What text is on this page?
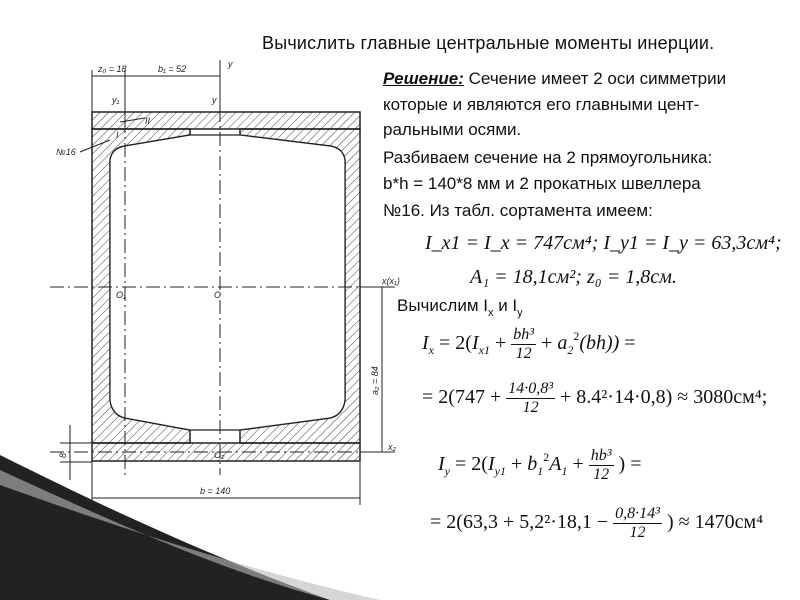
Вычислить главные центральные моменты инерции.
z₀ = 18	b₁ = 52	y
y₁	y
№16
I
II
x(x₁)
O₁	O
x₂
O₂
b = 140
a₂ = 84
8
Решение: Сечение имеет 2 оси симметрии
которые и являются его главными цент-
ральными осями.
Разбиваем сечение на 2 прямоугольника:
b*h = 140*8 мм и 2 прокатных швеллера
№16. Из табл. сортамента имеем:
I_x1 = I_x = 747см⁴; I_y1 = I_y = 63,3см⁴;
A₁ = 18,1см²; z₀ = 1,8см.
Вычислим $I_x$ и $I_y$
$I_x = 2(I_{x1} + \frac{\text{bh³}}{12} + a_2^2(bh))$ =
= $2(747 + \frac{\text{14·0,8³}}{12} + 8.4^2\cdot 14\cdot 0,8) \approx 3080см^4$;
$I_y = 2(I_{y1} + b_1^2A_1 + \frac{\text{hb³}}{12}$ ) =
= $2(63,3 + 5,2^2\cdot 18,1 - \frac{\text{0,8·14³}}{12}$ ) ≈ 1470см⁴
